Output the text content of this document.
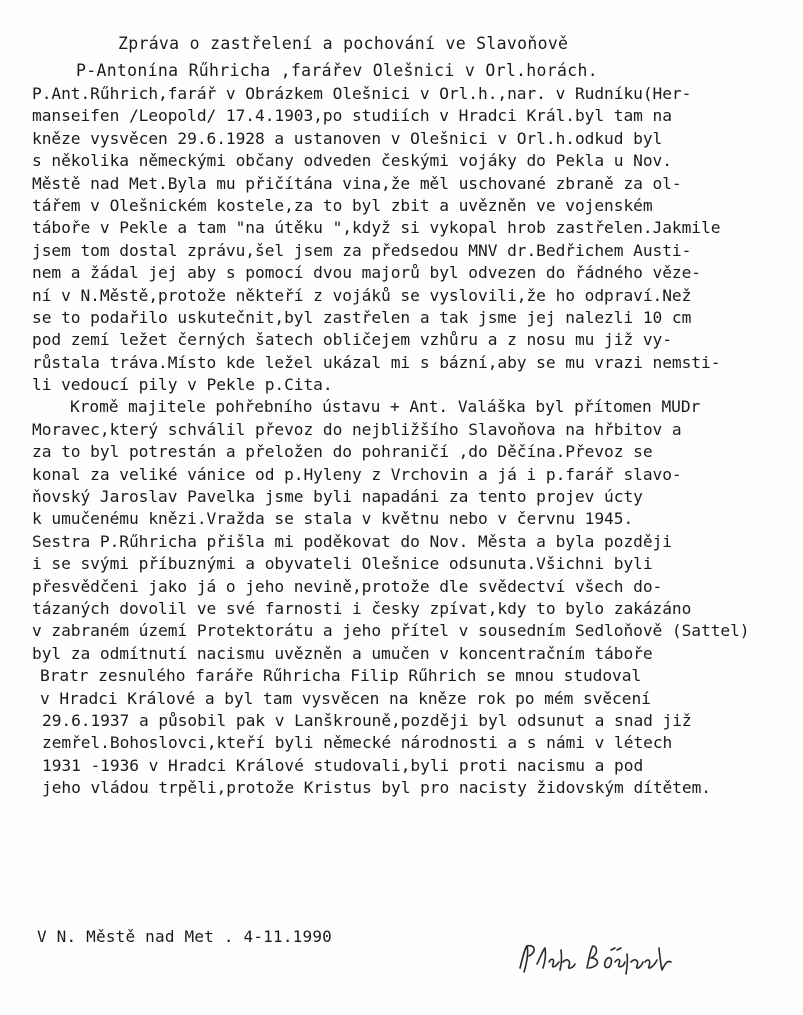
Zpráva o zastřelení a pochování ve Slavoňově
P-Antonína Rűhricha ,farářev Olešnici v Orl.horách.
P.Ant.Rűhrich,farář v Obrázkem Olešnici v Orl.h.,nar. v Rudníku(Her-
manseifen /Leopold/ 17.4.1903,po studiích v Hradci Král.byl tam na
kněze vysvěcen 29.6.1928 a ustanoven v Olešnici v Orl.h.odkud byl
s několika německými občany odveden českými vojáky do Pekla u Nov.
Městě nad Met.Byla mu přičítána vina,že měl uschované zbraně za ol-
tářem v Olešnickém kostele,za to byl zbit a uvězněn ve vojenském
táboře v Pekle a tam "na útěku ",když si vykopal hrob zastřelen.Jakmile
jsem tom dostal zprávu,šel jsem za předsedou MNV dr.Bedřichem Austi-
nem a žádal jej aby s pomocí dvou majorů byl odvezen do řádného věze-
ní v N.Městě,protože někteří z vojáků se vyslovili,že ho odpraví.Než
se to podařilo uskutečnit,byl zastřelen a tak jsme jej nalezli 10 cm
pod zemí ležet černých šatech obličejem vzhůru a z nosu mu již vy-
růstala tráva.Místo kde ležel ukázal mi s bázní,aby se mu vrazi nemsti-
li vedoucí pily v Pekle p.Cita.
Kromě majitele pohřebního ústavu + Ant. Valáška byl přítomen MUDr
Moravec,který schválil převoz do nejbližšího Slavoňova na hřbitov a
za to byl potrestán a přeložen do pohraničí ,do Děčína.Převoz se
konal za veliké vánice od p.Hyleny z Vrchovin a já i p.farář slavo-
ňovský Jaroslav Pavelka jsme byli napadáni za tento projev úcty
k umučenému knězi.Vražda se stala v květnu nebo v červnu 1945.
Sestra P.Rűhricha přišla mi poděkovat do Nov. Města a byla později
i se svými příbuznými a obyvateli Olešnice odsunuta.Všichni byli
přesvědčeni jako já o jeho nevině,protože dle svědectví všech do-
tázaných dovolil ve své farnosti i česky zpívat,kdy to bylo zakázáno
v zabraném území Protektorátu a jeho přítel v sousedním Sedloňově (Sattel)
byl za odmítnutí nacismu uvězněn a umučen v koncentračním táboře
Bratr zesnulého faráře Rűhricha Filip Rűhrich se mnou studoval
v Hradci Králové a byl tam vysvěcen na kněze rok po mém svěcení
29.6.1937 a působil pak v Lanškrouně,později byl odsunut a snad již
zemřel.Bohoslovci,kteří byli německé národnosti a s námi v létech
1931 -1936 v Hradci Králové studovali,byli proti nacismu a pod
jeho vládou trpěli,protože Kristus byl pro nacisty židovským dítětem.
V N. Městě nad Met . 4-11.1990
